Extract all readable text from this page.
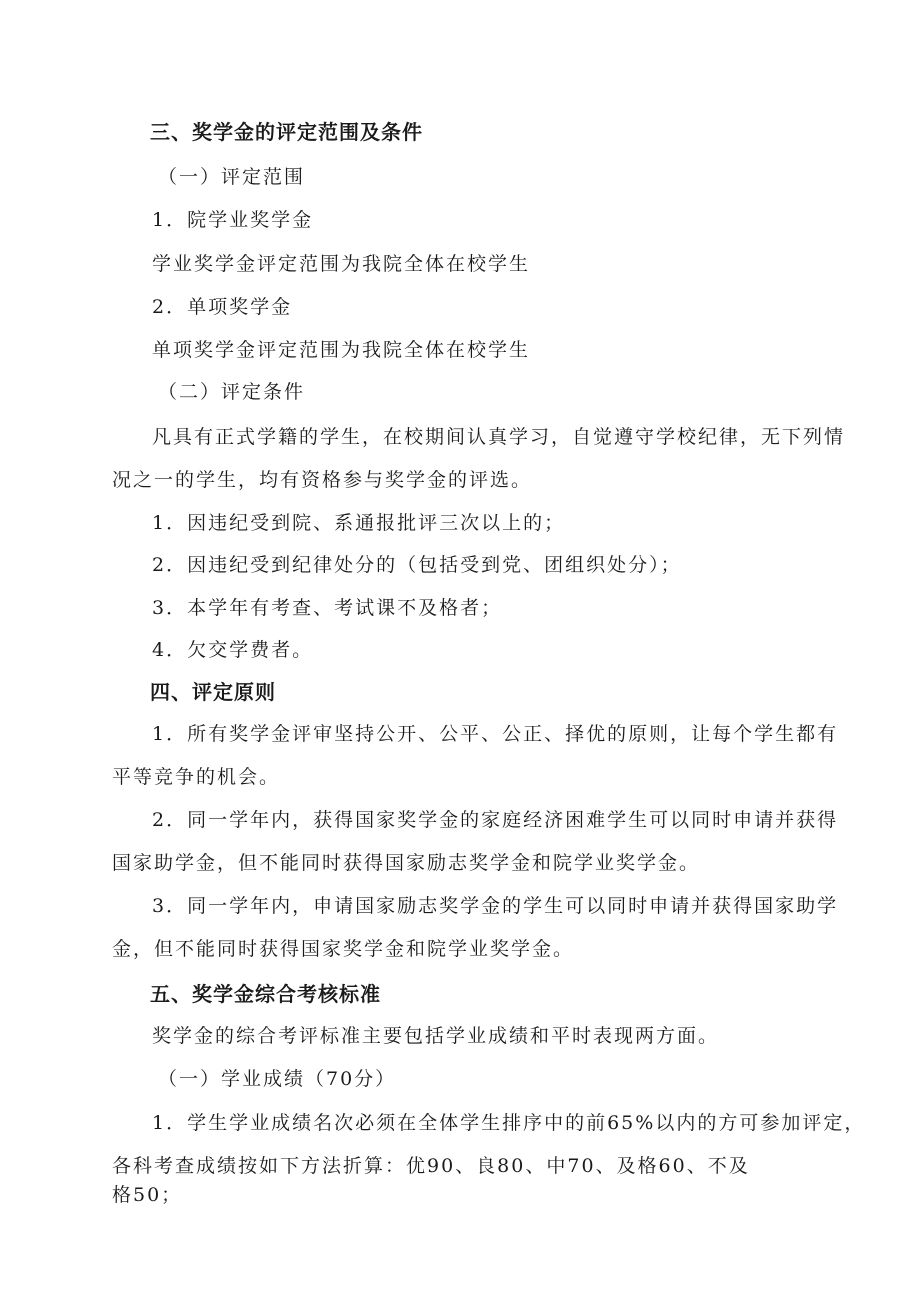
三、奖学金的评定范围及条件
（一）评定范围
1．院学业奖学金
学业奖学金评定范围为我院全体在校学生
2．单项奖学金
单项奖学金评定范围为我院全体在校学生
（二）评定条件
凡具有正式学籍的学生，在校期间认真学习，自觉遵守学校纪律，无下列情
况之一的学生，均有资格参与奖学金的评选。
1．因违纪受到院、系通报批评三次以上的；
2．因违纪受到纪律处分的（包括受到党、团组织处分）；
3．本学年有考查、考试课不及格者；
4．欠交学费者。
四、评定原则
1．所有奖学金评审坚持公开、公平、公正、择优的原则，让每个学生都有
平等竞争的机会。
2．同一学年内，获得国家奖学金的家庭经济困难学生可以同时申请并获得
国家助学金，但不能同时获得国家励志奖学金和院学业奖学金。
3．同一学年内，申请国家励志奖学金的学生可以同时申请并获得国家助学
金，但不能同时获得国家奖学金和院学业奖学金。
五、奖学金综合考核标准
奖学金的综合考评标准主要包括学业成绩和平时表现两方面。
（一）学业成绩（70分）
1．学生学业成绩名次必须在全体学生排序中的前65%以内的方可参加评定，
各科考查成绩按如下方法折算：优90、良80、中70、及格60、不及
格50；
